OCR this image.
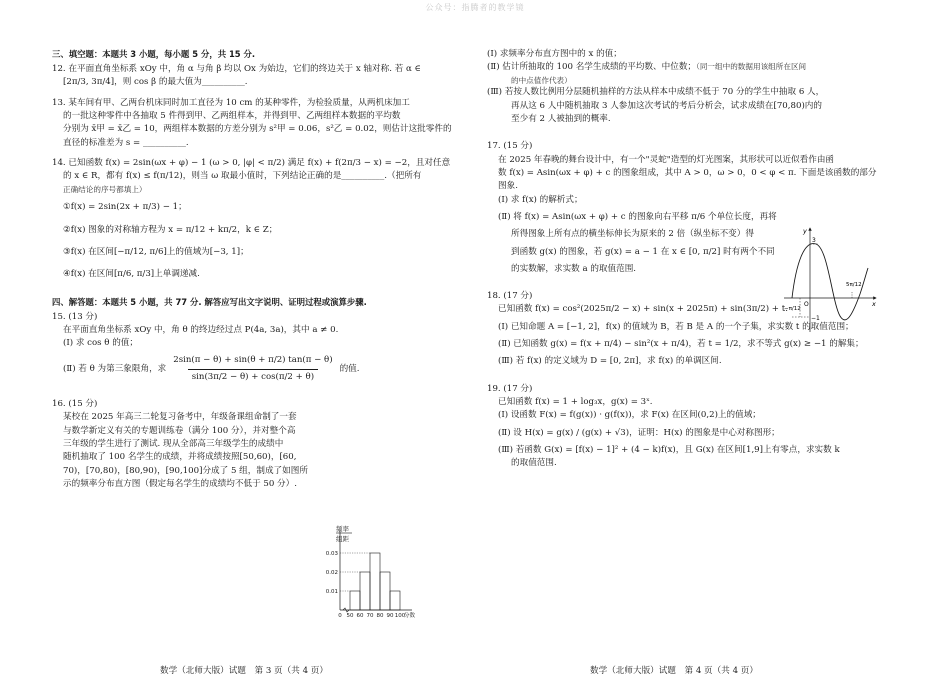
公众号：指腾者的教学镜
三、填空题：本题共 3 小题，每小题 5 分，共 15 分.
12. 在平面直角坐标系 xOy 中，角 α 与角 β 均以 Ox 为始边，它们的终边关于 x 轴对称. 若 α ∈
[2π/3, 3π/4]，则 cos β 的最大值为__________.
13. 某车间有甲、乙两台机床同时加工直径为 10 cm 的某种零件，为检验质量，从两机床加工
的一批这种零件中各抽取 5 件得到甲、乙两组样本，并得到甲、乙两组样本数据的平均数
分别为 x̄甲 = x̄乙 = 10，两组样本数据的方差分别为 s²甲 = 0.06，s²乙 = 0.02，则估计这批零件的
直径的标准差为 s = __________.
14. 已知函数 f(x) = 2sin(ωx + φ) − 1 (ω > 0, |φ| < π/2) 满足 f(x) + f(2π/3 − x) = −2，且对任意
的 x ∈ R，都有 f(x) ≤ f(π/12)，则当 ω 取最小值时，下列结论正确的是__________.（把所有
正确结论的序号都填上）
①f(x) = 2sin(2x + π/3) − 1；
②f(x) 图象的对称轴方程为 x = π/12 + kπ/2，k ∈ Z；
③f(x) 在区间[−π/12, π/6]上的值域为[−3, 1]；
④f(x) 在区间[π/6, π/3]上单调递减.
四、解答题：本题共 5 小题，共 77 分. 解答应写出文字说明、证明过程或演算步骤.
15. (13 分)
在平面直角坐标系 xOy 中，角 θ 的终边经过点 P(4a, 3a)，其中 a ≠ 0.
(Ⅰ) 求 cos θ 的值；
(Ⅱ) 若 θ 为第三象限角，求 $\frac{2\sin(\pi - \theta) + \sin(\theta + \pi/2) \tan(\pi - \theta)}{\sin(3\pi/2 - \theta) + \cos(\pi/2 + \theta)}$ 的值.
16. (15 分)
某校在 2025 年高三二轮复习备考中，年级备课组命制了一套
与数学新定义有关的专题训练卷（满分 100 分），并对整个高
三年级的学生进行了测试. 现从全部高三年级学生的成绩中
随机抽取了 100 名学生的成绩，并将成绩按照[50,60)，[60,
70)，[70,80)，[80,90)，[90,100]分成了 5 组，制成了如图所
示的频率分布直方图（假定每名学生的成绩均不低于 50 分）.
频率
组距
0.03
0.02
0.01
0 50 60 70 80 90 100
分数
(Ⅰ) 求频率分布直方图中的 x 的值；
(Ⅱ) 估计所抽取的 100 名学生成绩的平均数、中位数；（同一组中的数据用该组所在区间
的中点值作代表）
(Ⅲ) 若按人数比例用分层随机抽样的方法从样本中成绩不低于 70 分的学生中抽取 6 人，
再从这 6 人中随机抽取 3 人参加这次考试的考后分析会，试求成绩在[70,80)内的
至少有 2 人被抽到的概率.
17. (15 分)
在 2025 年春晚的舞台设计中，有一个"灵蛇"造型的灯光图案，其形状可以近似看作由函
数 f(x) = Asin(ωx + φ) + c 的图象组成，其中 A > 0，ω > 0，0 < φ < π. 下面是该函数的部分
图象.
(Ⅰ) 求 f(x) 的解析式；
(Ⅱ) 将 f(x) = Asin(ωx + φ) + c 的图象向右平移 π/6 个单位长度，再将
所得图象上所有点的横坐标伸长为原来的 2 倍（纵坐标不变）得
到函数 g(x) 的图象，若 g(x) = a − 1 在 x ∈ [0, π/2] 时有两个不同
的实数解，求实数 a 的取值范围.
18. (17 分)
已知函数 f(x) = cos²(2025π/2 − x) + sin(x + 2025π) + sin(3π/2) + t.
(Ⅰ) 已知命题 A = [−1, 2]，f(x) 的值域为 B，若 B 是 A 的一个子集，求实数 t 的取值范围；
(Ⅱ) 已知函数 g(x) = f(x + π/4) − sin²(x + π/4)，若 t = 1/2，求不等式 g(x) ≥ −1 的解集；
(Ⅲ) 若 f(x) 的定义域为 D = [0, 2π]，求 f(x) 的单调区间.
19. (17 分)
已知函数 f(x) = 1 + log₃x，g(x) = 3ˣ.
(Ⅰ) 设函数 F(x) = f(g(x)) · g(f(x))，求 F(x) 在区间(0,2)上的值域；
(Ⅱ) 设 H(x) = g(x) / (g(x) + √3)，证明：H(x) 的图象是中心对称图形；
(Ⅲ) 若函数 G(x) = [f(x) − 1]² + (4 − k)f(x)，且 G(x) 在区间[1,9]上有零点，求实数 k
的取值范围.
y
x
O
3
−1
−π/12
5π/12
数学（北师大版）试题　第 3 页（共 4 页）	数学（北师大版）试题　第 4 页（共 4 页）
